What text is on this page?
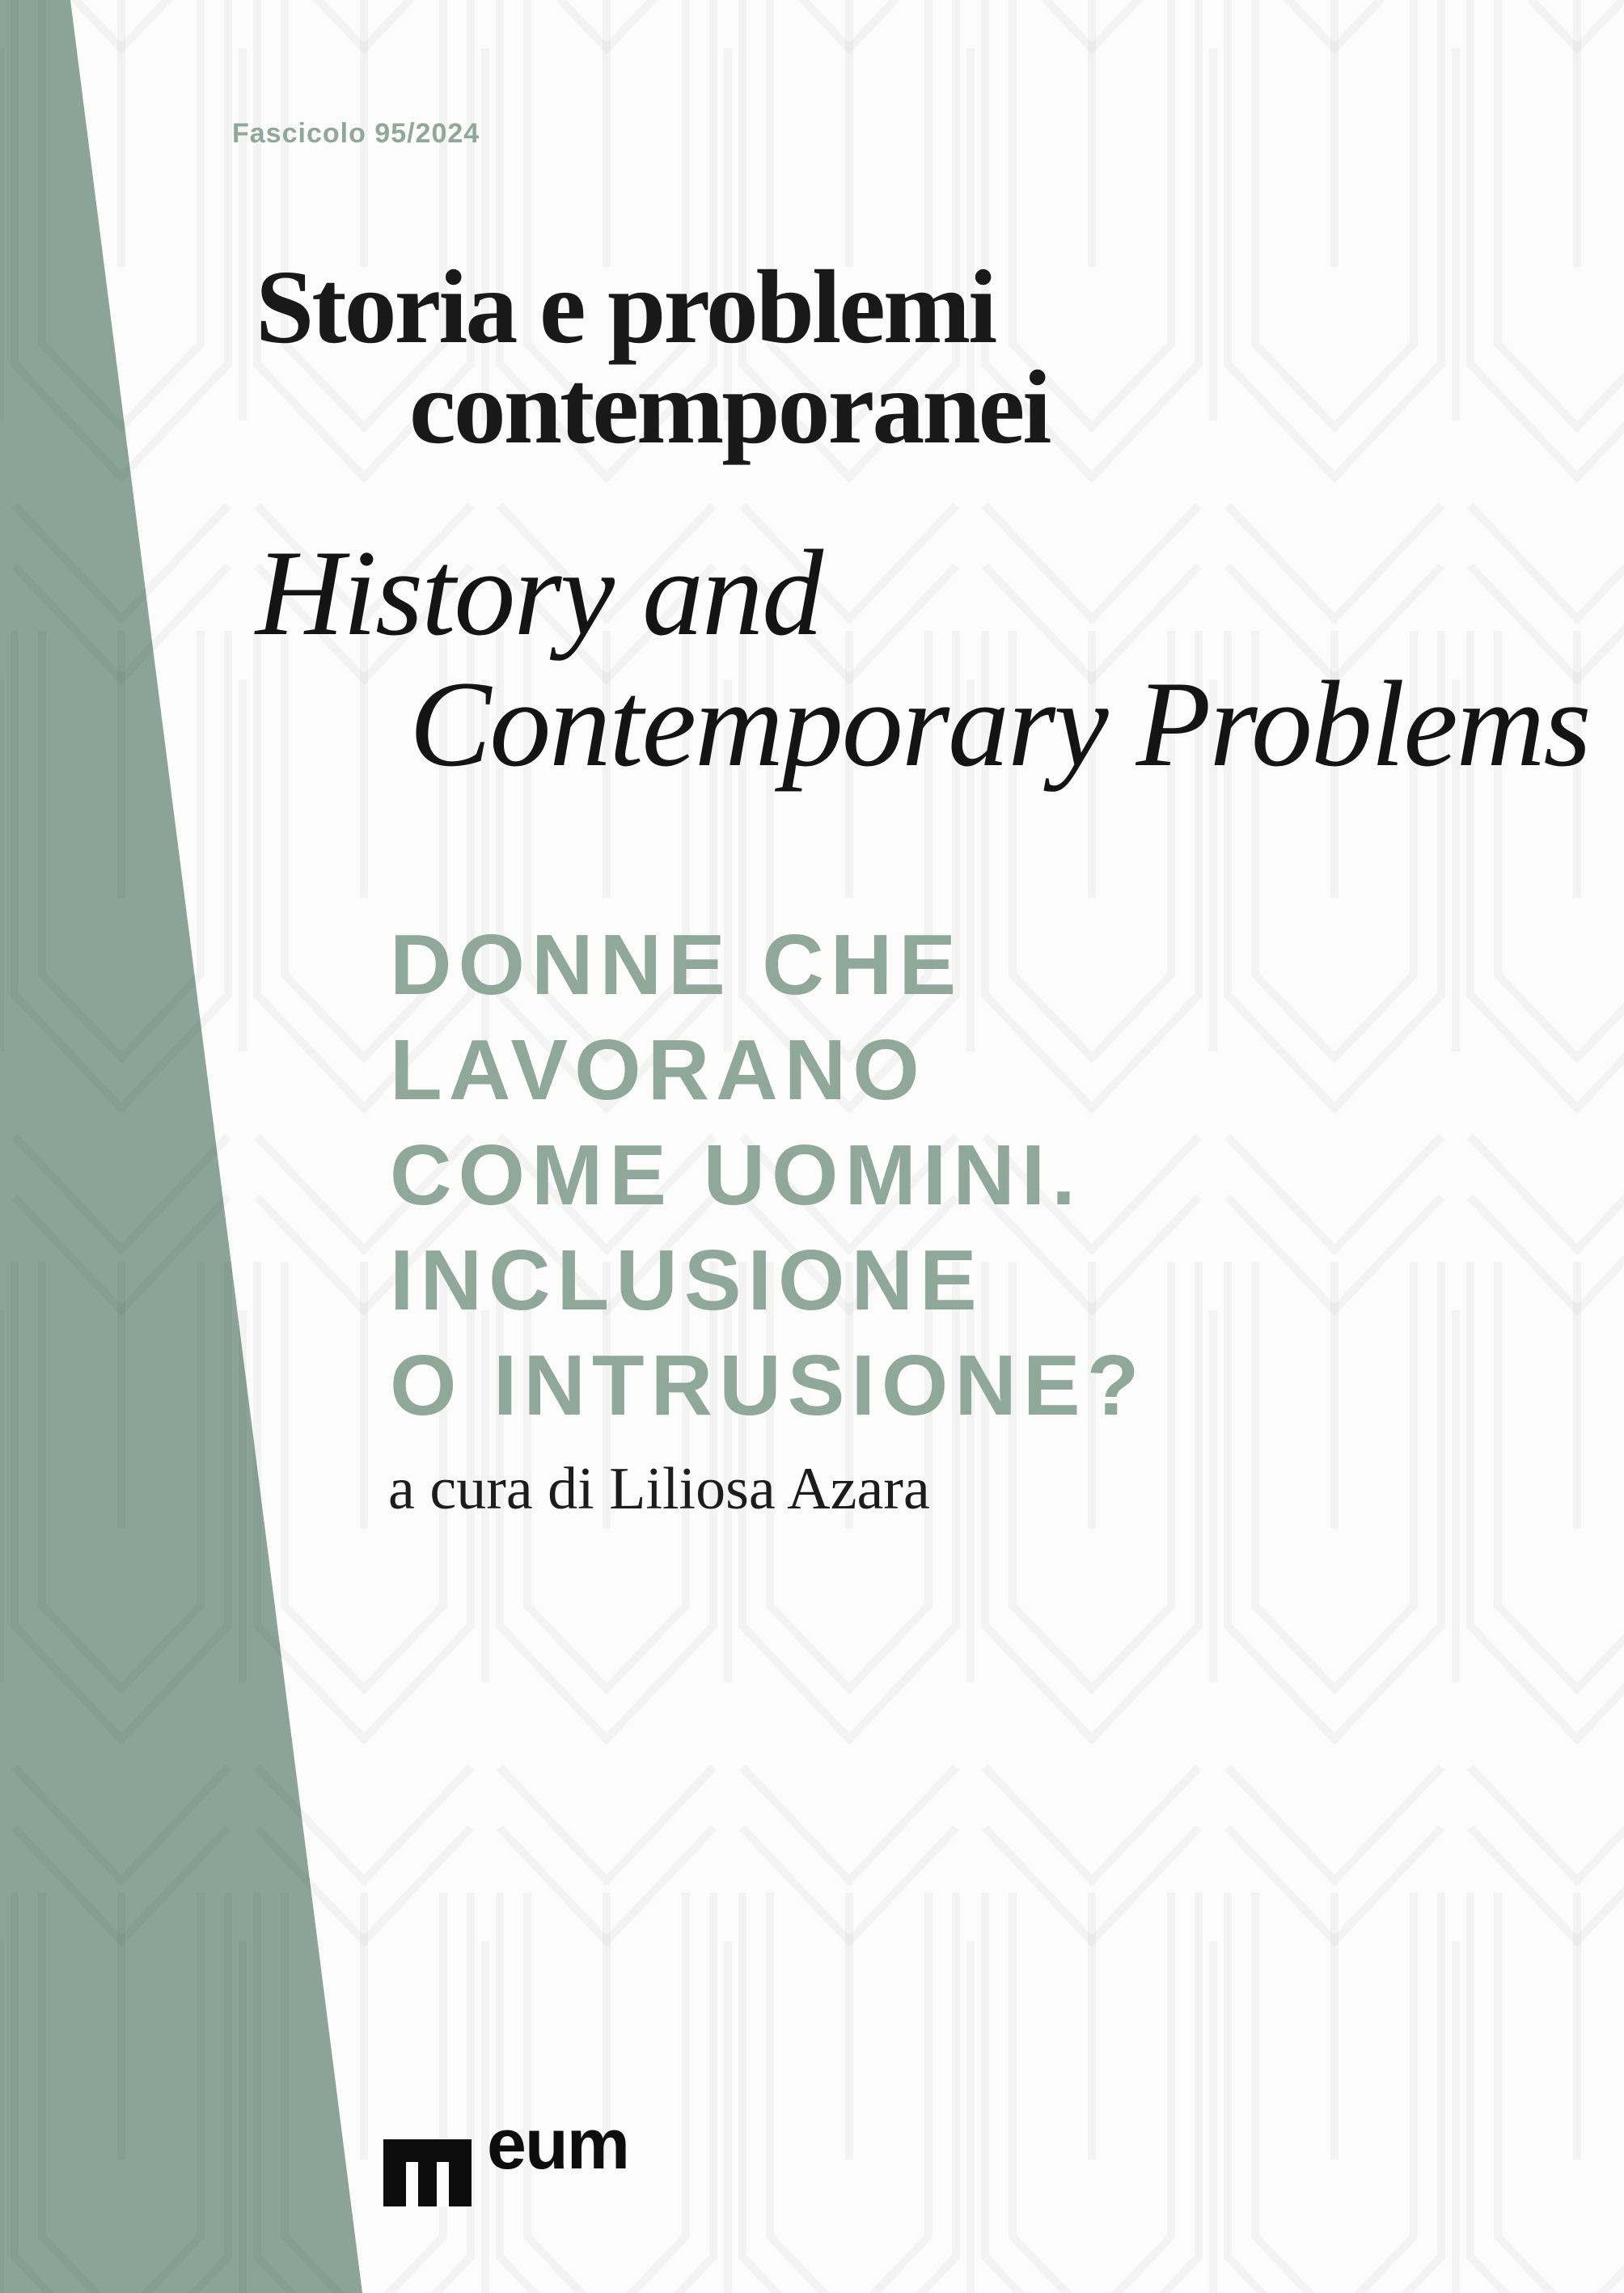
Fascicolo 95/2024
Storia e problemi
contemporanei
History and
Contemporary Problems
DONNE CHE
LAVORANO
COME UOMINI.
INCLUSIONE
O INTRUSIONE?
a cura di Liliosa Azara
eum
